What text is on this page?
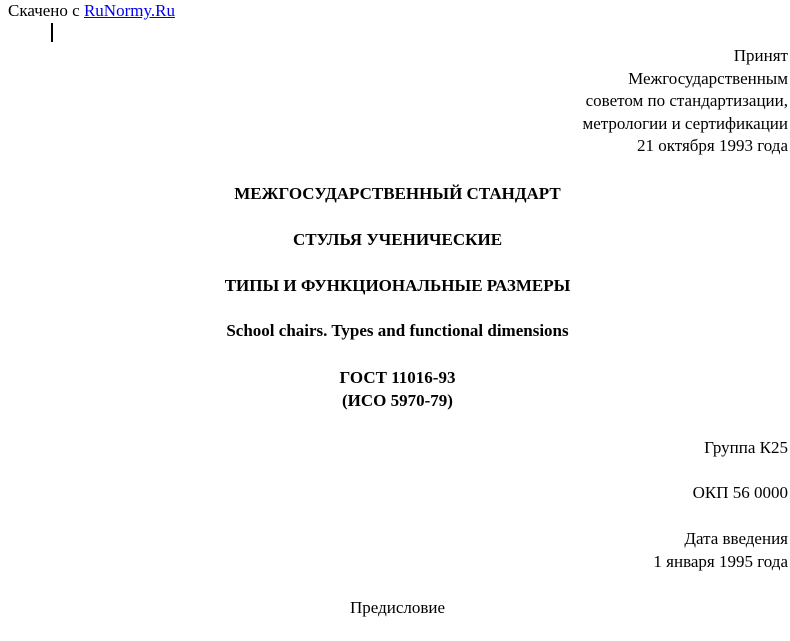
Скачено с RuNormy.Ru
Принят
Межгосударственным
советом по стандартизации,
метрологии и сертификации
21 октября 1993 года
МЕЖГОСУДАРСТВЕННЫЙ СТАНДАРТ
СТУЛЬЯ УЧЕНИЧЕСКИЕ
ТИПЫ И ФУНКЦИОНАЛЬНЫЕ РАЗМЕРЫ
School chairs. Types and functional dimensions
ГОСТ 11016-93
(ИСО 5970-79)
Группа К25
ОКП 56 0000
Дата введения
1 января 1995 года
Предисловие
